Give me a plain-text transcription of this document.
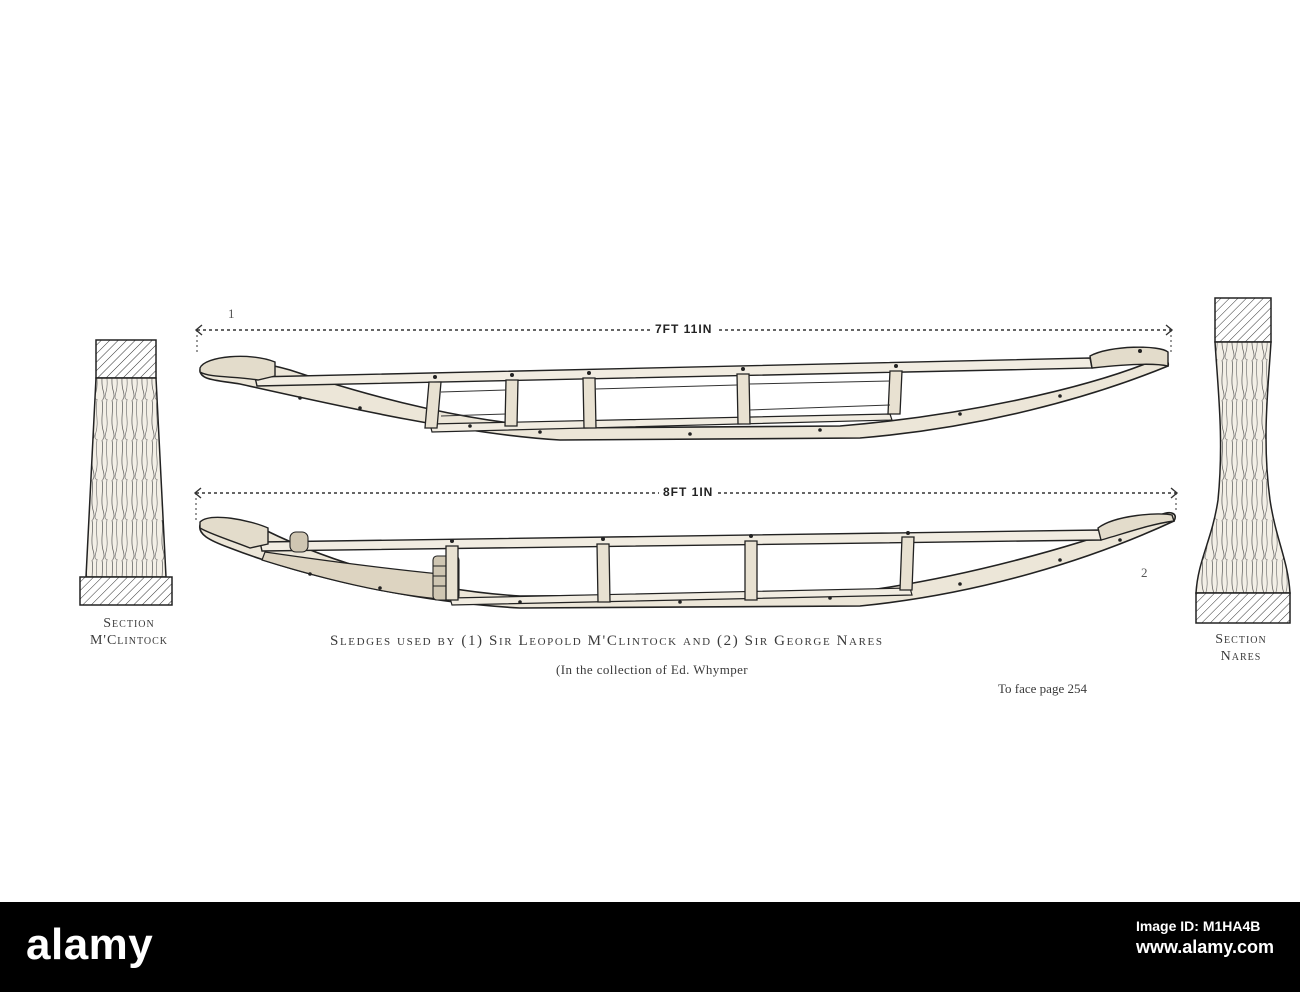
1
2
7FT 11IN
8FT 1IN
Section
M'Clintock	Section
Nares
Sledges used by (1) Sir Leopold M'Clintock and (2) Sir George Nares
(In the collection of Ed. Whymper
To face page 254
alamy	Image ID: M1HA4B
www.alamy.com
